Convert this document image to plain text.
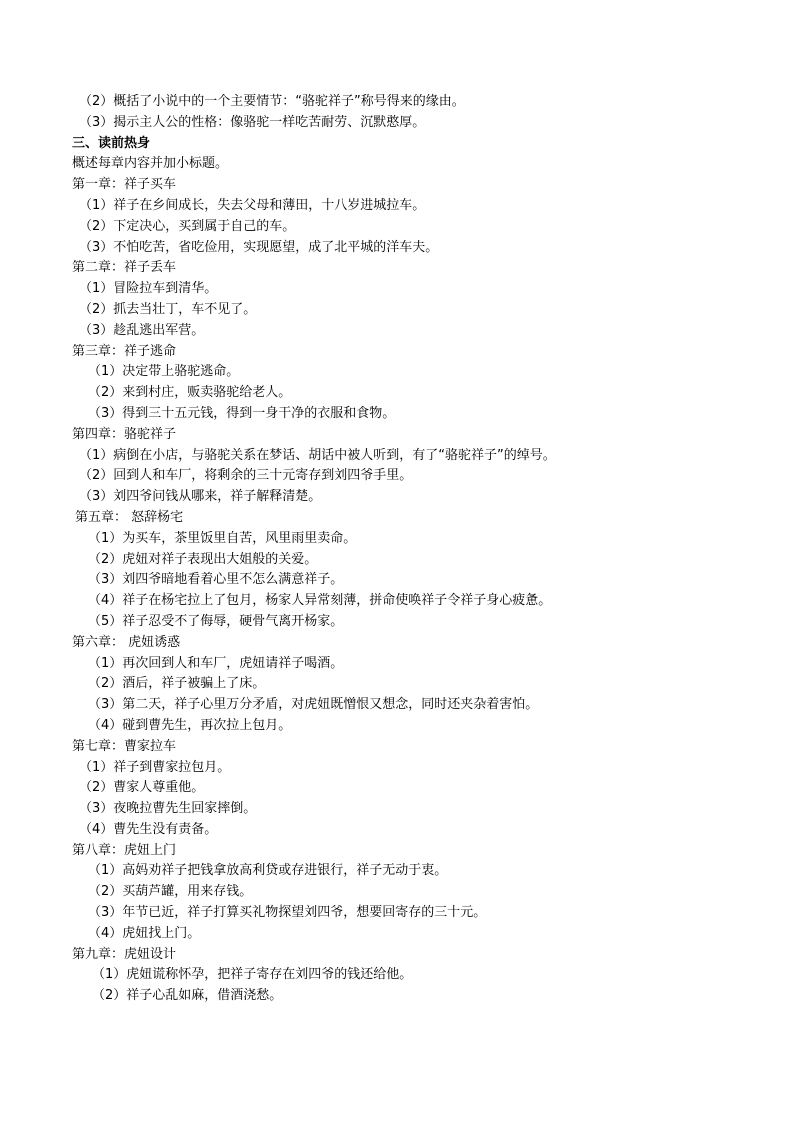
（2）概括了小说中的一个主要情节：“骆驼祥子”称号得来的缘由。
（3）揭示主人公的性格：像骆驼一样吃苦耐劳、沉默憨厚。
三、读前热身
概述每章内容并加小标题。
第一章：祥子买车
（1）祥子在乡间成长，失去父母和薄田，十八岁进城拉车。
（2）下定决心，买到属于自己的车。
（3）不怕吃苦，省吃俭用，实现愿望，成了北平城的洋车夫。
第二章：祥子丢车
（1）冒险拉车到清华。
（2）抓去当壮丁，车不见了。
（3）趁乱逃出军营。
第三章：祥子逃命
（1）决定带上骆驼逃命。
（2）来到村庄，贩卖骆驼给老人。
（3）得到三十五元钱，得到一身干净的衣服和食物。
第四章：骆驼祥子
（1）病倒在小店，与骆驼关系在梦话、胡话中被人听到，有了“骆驼祥子”的绰号。
（2）回到人和车厂，将剩余的三十元寄存到刘四爷手里。
（3）刘四爷问钱从哪来，祥子解释清楚。
第五章： 怒辞杨宅
（1）为买车，茶里饭里自苦，风里雨里卖命。
（2）虎妞对祥子表现出大姐般的关爱。
（3）刘四爷暗地看着心里不怎么满意祥子。
（4）祥子在杨宅拉上了包月，杨家人异常刻薄，拼命使唤祥子令祥子身心疲惫。
（5）祥子忍受不了侮辱，硬骨气离开杨家。
第六章： 虎妞诱惑
（1）再次回到人和车厂，虎妞请祥子喝酒。
（2）酒后，祥子被骗上了床。
（3）第二天，祥子心里万分矛盾，对虎妞既憎恨又想念，同时还夹杂着害怕。
（4）碰到曹先生，再次拉上包月。
第七章：曹家拉车
（1）祥子到曹家拉包月。
（2）曹家人尊重他。
（3）夜晚拉曹先生回家摔倒。
（4）曹先生没有责备。
第八章：虎妞上门
（1）高妈劝祥子把钱拿放高利贷或存进银行，祥子无动于衷。
（2）买葫芦罐，用来存钱。
（3）年节已近，祥子打算买礼物探望刘四爷，想要回寄存的三十元。
（4）虎妞找上门。
第九章：虎妞设计
（1）虎妞谎称怀孕，把祥子寄存在刘四爷的钱还给他。
（2）祥子心乱如麻，借酒浇愁。
